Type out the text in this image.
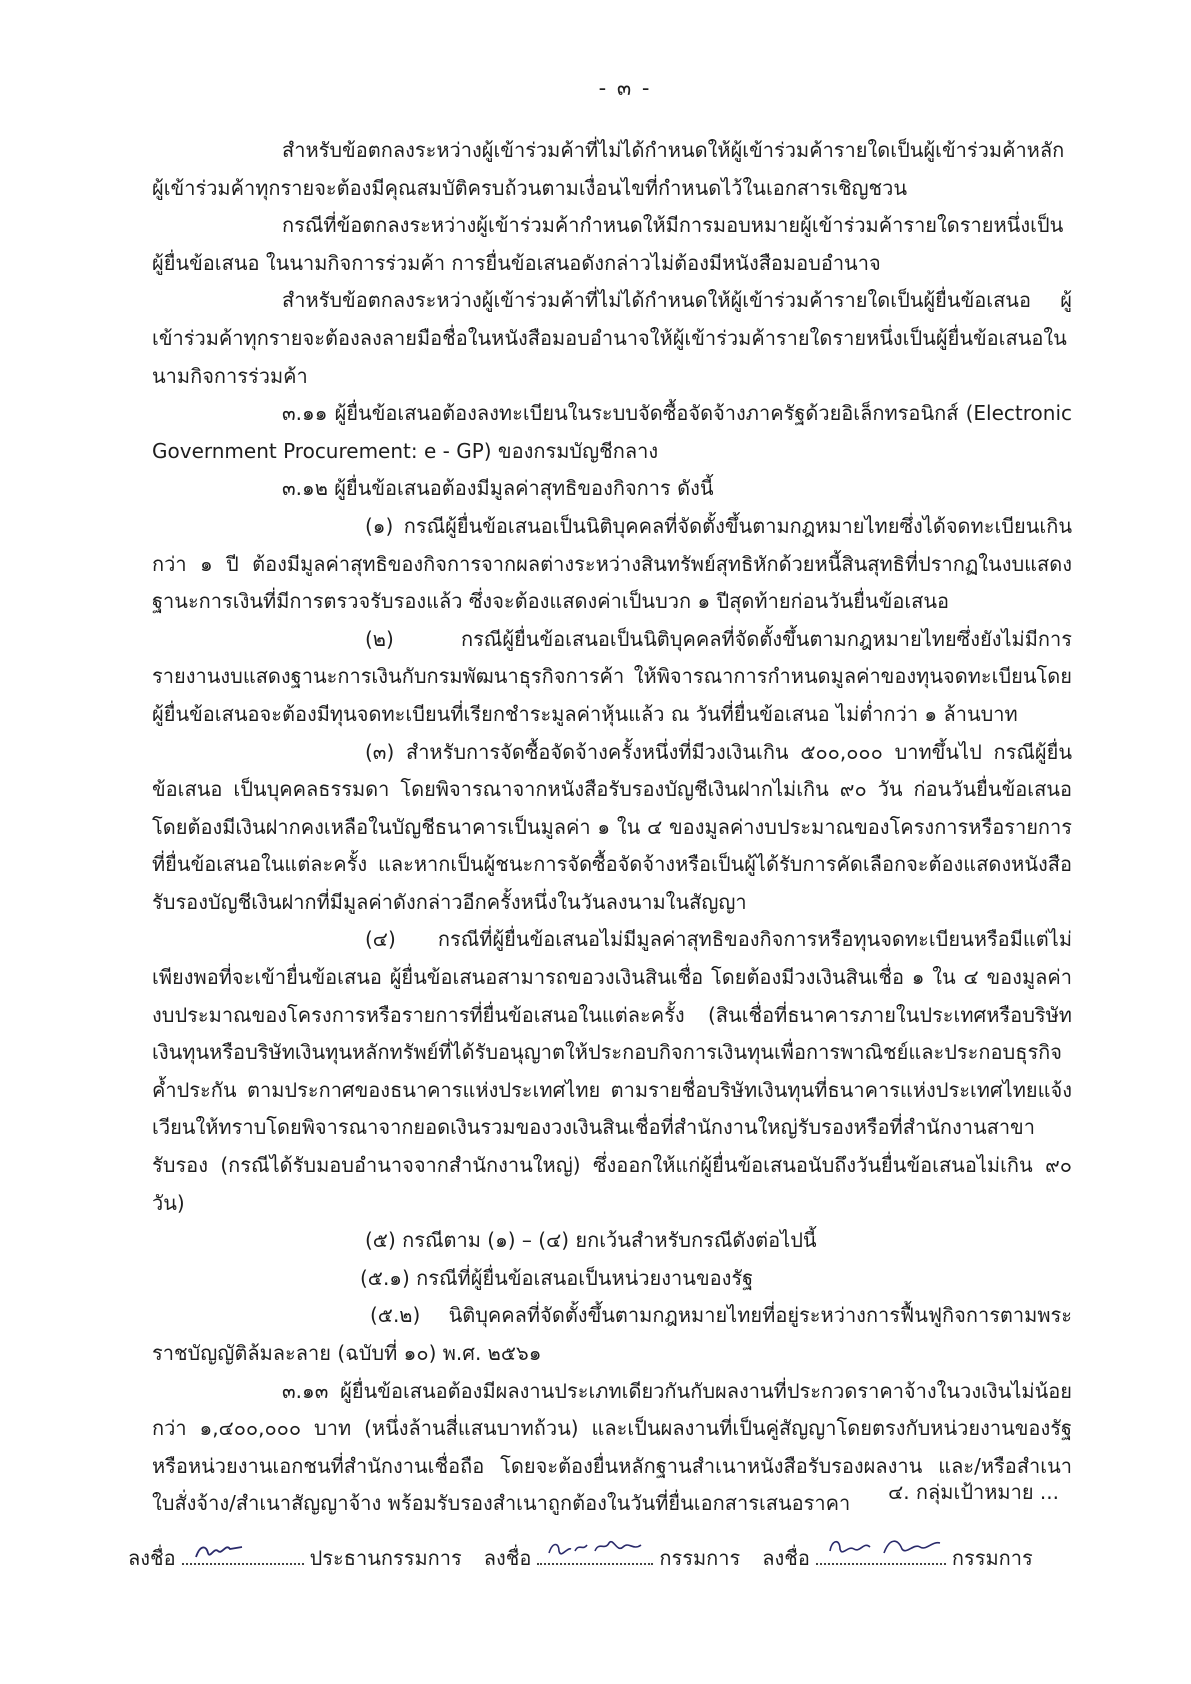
- ๓ -

สำหรับข้อตกลงระหว่างผู้เข้าร่วมค้าที่ไม่ได้กำหนดให้ผู้เข้าร่วมค้ารายใดเป็นผู้เข้าร่วมค้าหลัก ผู้เข้าร่วมค้าทุกรายจะต้องมีคุณสมบัติครบถ้วนตามเงื่อนไขที่กำหนดไว้ในเอกสารเชิญชวน

กรณีที่ข้อตกลงระหว่างผู้เข้าร่วมค้ากำหนดให้มีการมอบหมายผู้เข้าร่วมค้ารายใดรายหนึ่งเป็นผู้ยื่นข้อเสนอ ในนามกิจการร่วมค้า การยื่นข้อเสนอดังกล่าวไม่ต้องมีหนังสือมอบอำนาจ

สำหรับข้อตกลงระหว่างผู้เข้าร่วมค้าที่ไม่ได้กำหนดให้ผู้เข้าร่วมค้ารายใดเป็นผู้ยื่นข้อเสนอ ผู้เข้าร่วมค้าทุกรายจะต้องลงลายมือชื่อในหนังสือมอบอำนาจให้ผู้เข้าร่วมค้ารายใดรายหนึ่งเป็นผู้ยื่นข้อเสนอในนามกิจการร่วมค้า

๓.๑๑ ผู้ยื่นข้อเสนอต้องลงทะเบียนในระบบจัดซื้อจัดจ้างภาครัฐด้วยอิเล็กทรอนิกส์ (Electronic Government Procurement: e - GP) ของกรมบัญชีกลาง

๓.๑๒ ผู้ยื่นข้อเสนอต้องมีมูลค่าสุทธิของกิจการ ดังนี้

(๑) กรณีผู้ยื่นข้อเสนอเป็นนิติบุคคลที่จัดตั้งขึ้นตามกฎหมายไทยซึ่งได้จดทะเบียนเกินกว่า ๑ ปี ต้องมีมูลค่าสุทธิของกิจการจากผลต่างระหว่างสินทรัพย์สุทธิหักด้วยหนี้สินสุทธิที่ปรากฏในงบแสดงฐานะการเงินที่มีการตรวจรับรองแล้ว ซึ่งจะต้องแสดงค่าเป็นบวก ๑ ปีสุดท้ายก่อนวันยื่นข้อเสนอ

(๒) กรณีผู้ยื่นข้อเสนอเป็นนิติบุคคลที่จัดตั้งขึ้นตามกฎหมายไทยซึ่งยังไม่มีการรายงานงบแสดงฐานะการเงินกับกรมพัฒนาธุรกิจการค้า ให้พิจารณาการกำหนดมูลค่าของทุนจดทะเบียนโดยผู้ยื่นข้อเสนอจะต้องมีทุนจดทะเบียนที่เรียกชำระมูลค่าหุ้นแล้ว ณ วันที่ยื่นข้อเสนอ ไม่ต่ำกว่า ๑ ล้านบาท

(๓) สำหรับการจัดซื้อจัดจ้างครั้งหนึ่งที่มีวงเงินเกิน ๕๐๐,๐๐๐ บาทขึ้นไป กรณีผู้ยื่นข้อเสนอ เป็นบุคคลธรรมดา โดยพิจารณาจากหนังสือรับรองบัญชีเงินฝากไม่เกิน ๙๐ วัน ก่อนวันยื่นข้อเสนอ โดยต้องมีเงินฝากคงเหลือในบัญชีธนาคารเป็นมูลค่า ๑ ใน ๔ ของมูลค่างบประมาณของโครงการหรือรายการที่ยื่นข้อเสนอในแต่ละครั้ง และหากเป็นผู้ชนะการจัดซื้อจัดจ้างหรือเป็นผู้ได้รับการคัดเลือกจะต้องแสดงหนังสือรับรองบัญชีเงินฝากที่มีมูลค่าดังกล่าวอีกครั้งหนึ่งในวันลงนามในสัญญา

(๔) กรณีที่ผู้ยื่นข้อเสนอไม่มีมูลค่าสุทธิของกิจการหรือทุนจดทะเบียนหรือมีแต่ไม่เพียงพอที่จะเข้ายื่นข้อเสนอ ผู้ยื่นข้อเสนอสามารถขอวงเงินสินเชื่อ โดยต้องมีวงเงินสินเชื่อ ๑ ใน ๔ ของมูลค่างบประมาณของโครงการหรือรายการที่ยื่นข้อเสนอในแต่ละครั้ง (สินเชื่อที่ธนาคารภายในประเทศหรือบริษัทเงินทุนหรือบริษัทเงินทุนหลักทรัพย์ที่ได้รับอนุญาตให้ประกอบกิจการเงินทุนเพื่อการพาณิชย์และประกอบธุรกิจค้ำประกัน ตามประกาศของธนาคารแห่งประเทศไทย ตามรายชื่อบริษัทเงินทุนที่ธนาคารแห่งประเทศไทยแจ้งเวียนให้ทราบโดยพิจารณาจากยอดเงินรวมของวงเงินสินเชื่อที่สำนักงานใหญ่รับรองหรือที่สำนักงานสาขารับรอง (กรณีได้รับมอบอำนาจจากสำนักงานใหญ่) ซึ่งออกให้แก่ผู้ยื่นข้อเสนอนับถึงวันยื่นข้อเสนอไม่เกิน ๙๐ วัน)

(๕) กรณีตาม (๑) – (๔) ยกเว้นสำหรับกรณีดังต่อไปนี้

(๕.๑) กรณีที่ผู้ยื่นข้อเสนอเป็นหน่วยงานของรัฐ

(๕.๒) นิติบุคคลที่จัดตั้งขึ้นตามกฎหมายไทยที่อยู่ระหว่างการฟื้นฟูกิจการตามพระราชบัญญัติล้มละลาย (ฉบับที่ ๑๐) พ.ศ. ๒๕๖๑

๓.๑๓ ผู้ยื่นข้อเสนอต้องมีผลงานประเภทเดียวกันกับผลงานที่ประกวดราคาจ้างในวงเงินไม่น้อยกว่า ๑,๔๐๐,๐๐๐ บาท (หนึ่งล้านสี่แสนบาทถ้วน) และเป็นผลงานที่เป็นคู่สัญญาโดยตรงกับหน่วยงานของรัฐหรือหน่วยงานเอกชนที่สำนักงานเชื่อถือ โดยจะต้องยื่นหลักฐานสำเนาหนังสือรับรองผลงาน และ/หรือสำเนาใบสั่งจ้าง/สำเนาสัญญาจ้าง พร้อมรับรองสำเนาถูกต้องในวันที่ยื่นเอกสารเสนอราคา	๔. กลุ่มเป้าหมาย ...
ลงชื่อ	ประธานกรรมการ ลงชื่อ	กรรมการ ลงชื่อ	กรรมการ
